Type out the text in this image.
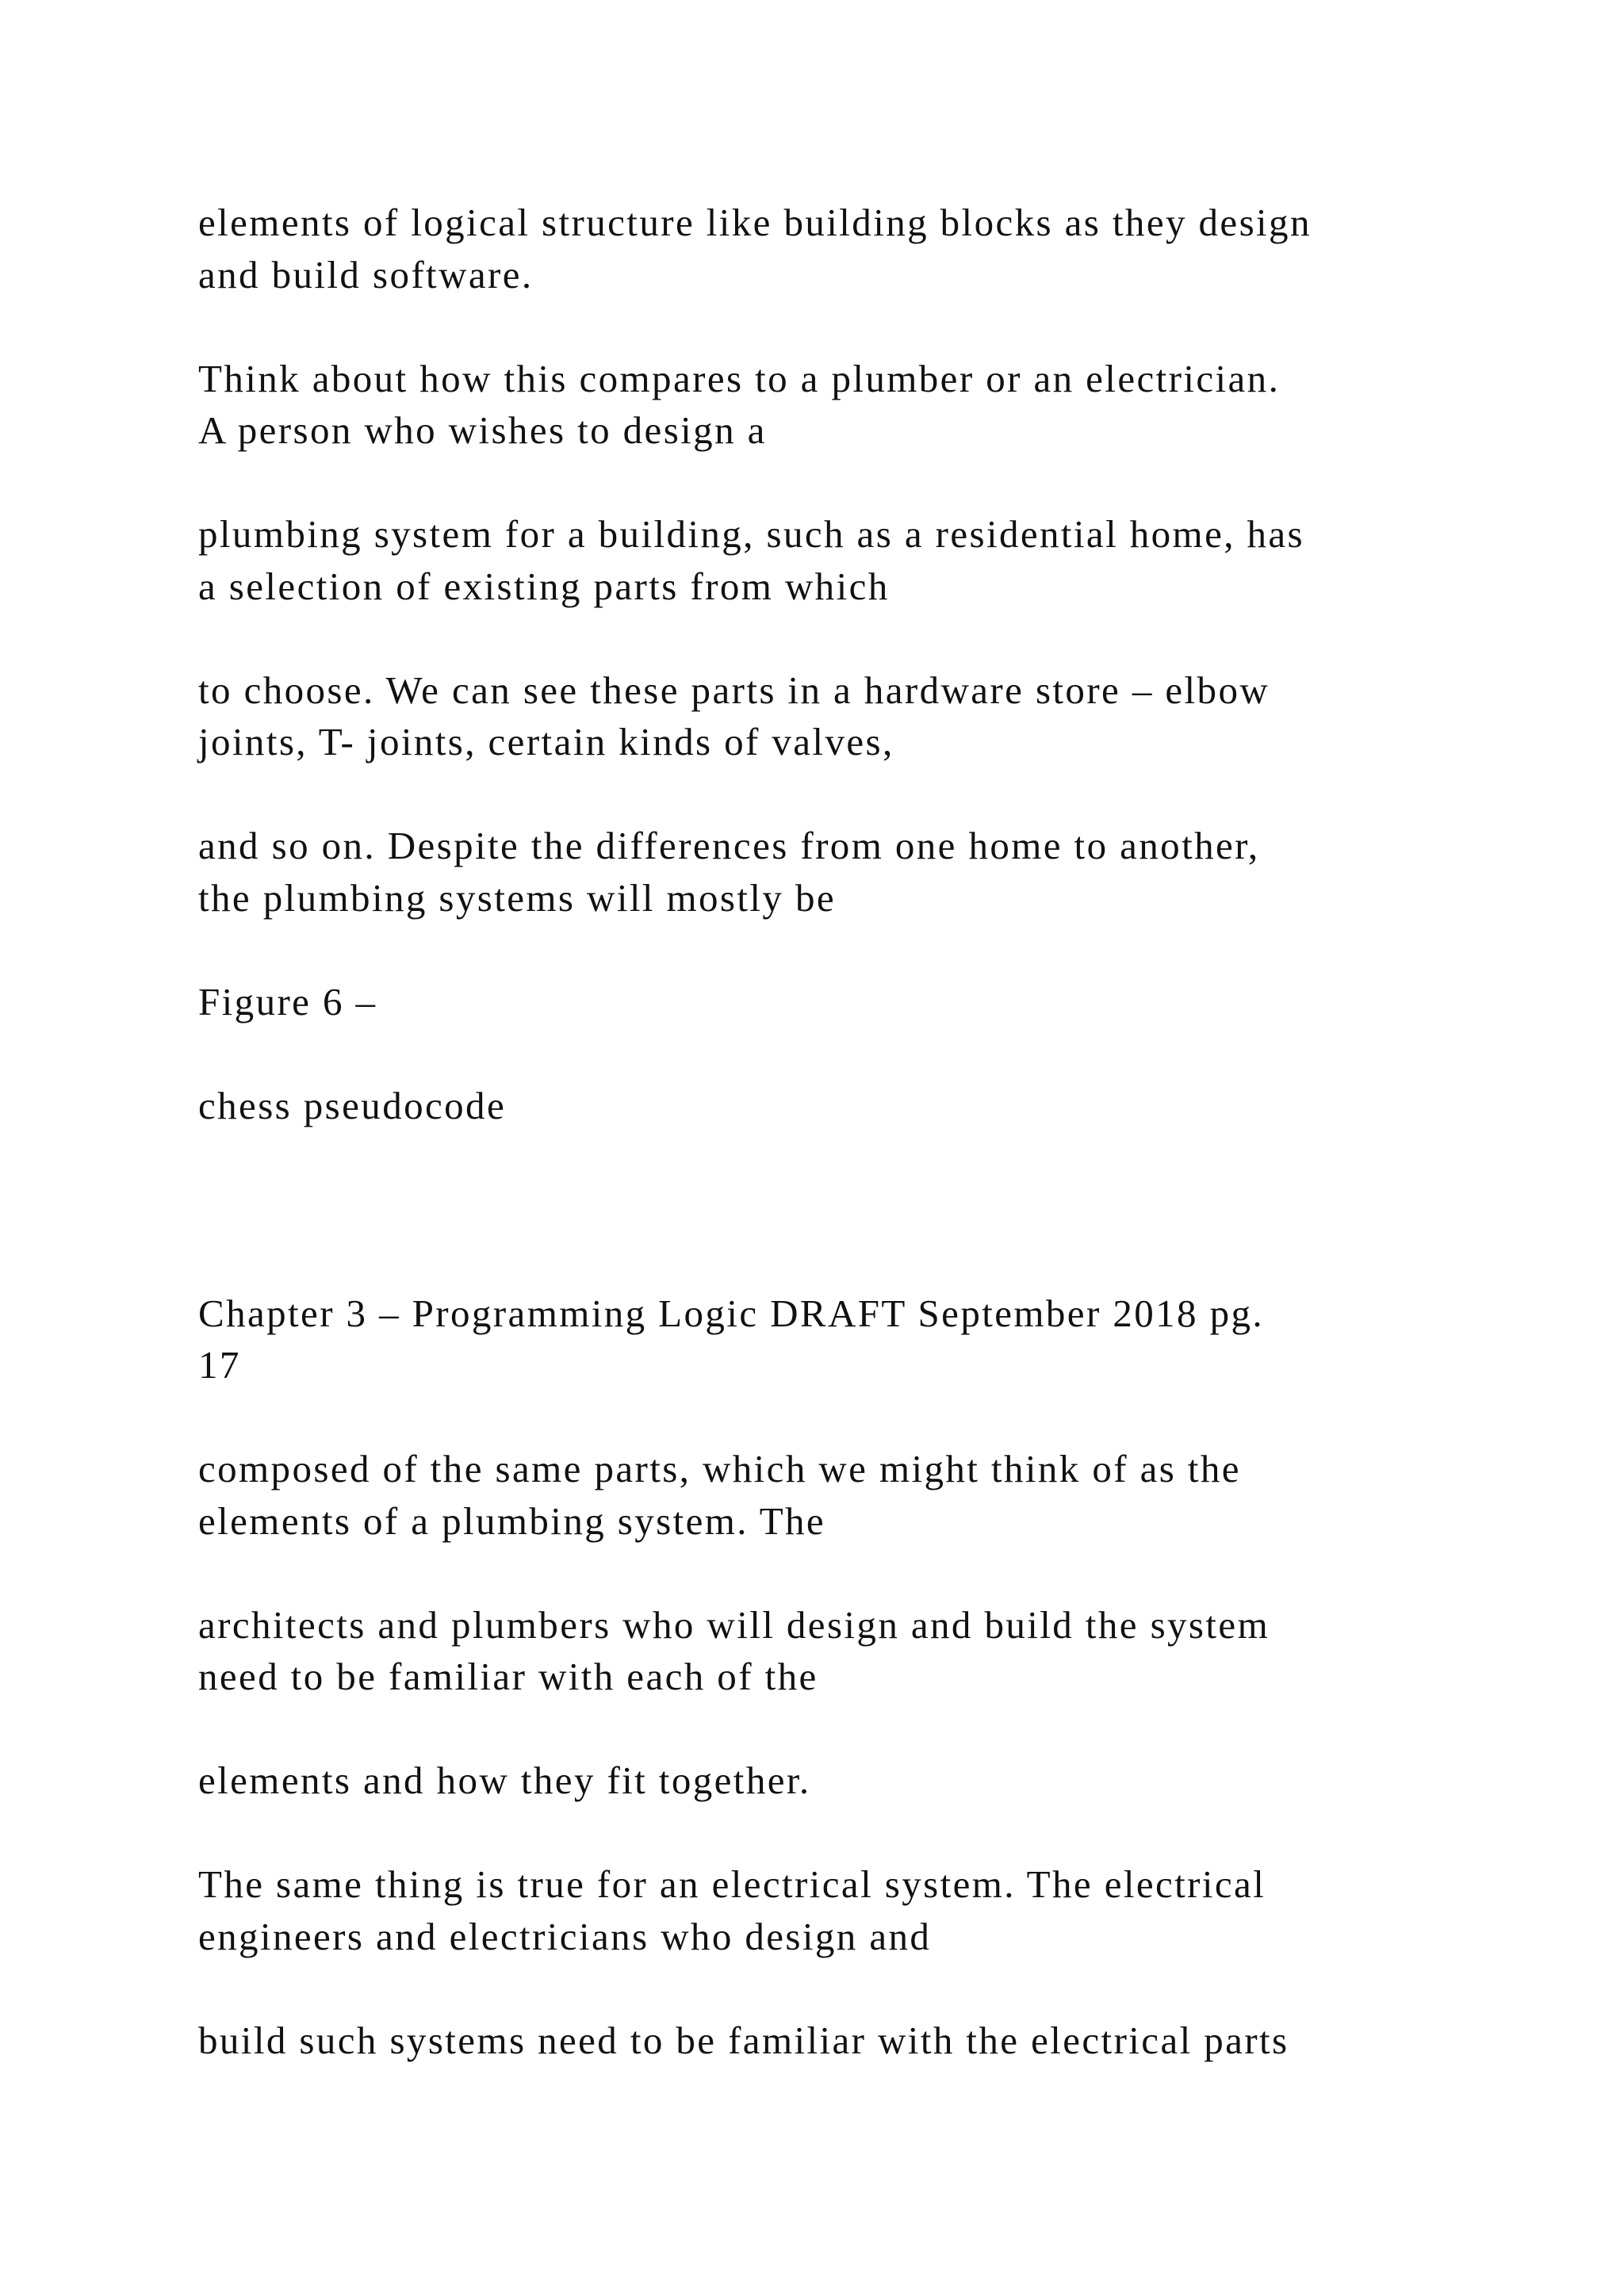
elements of logical structure like building blocks as they design
and build software.
Think about how this compares to a plumber or an electrician.
A person who wishes to design a
plumbing system for a building, such as a residential home, has
a selection of existing parts from which
to choose. We can see these parts in a hardware store – elbow
joints, T- joints, certain kinds of valves,
and so on. Despite the differences from one home to another,
the plumbing systems will mostly be
Figure 6 –
chess pseudocode
Chapter 3 – Programming Logic DRAFT September 2018 pg.
17
composed of the same parts, which we might think of as the
elements of a plumbing system. The
architects and plumbers who will design and build the system
need to be familiar with each of the
elements and how they fit together.
The same thing is true for an electrical system. The electrical
engineers and electricians who design and
build such systems need to be familiar with the electrical parts
